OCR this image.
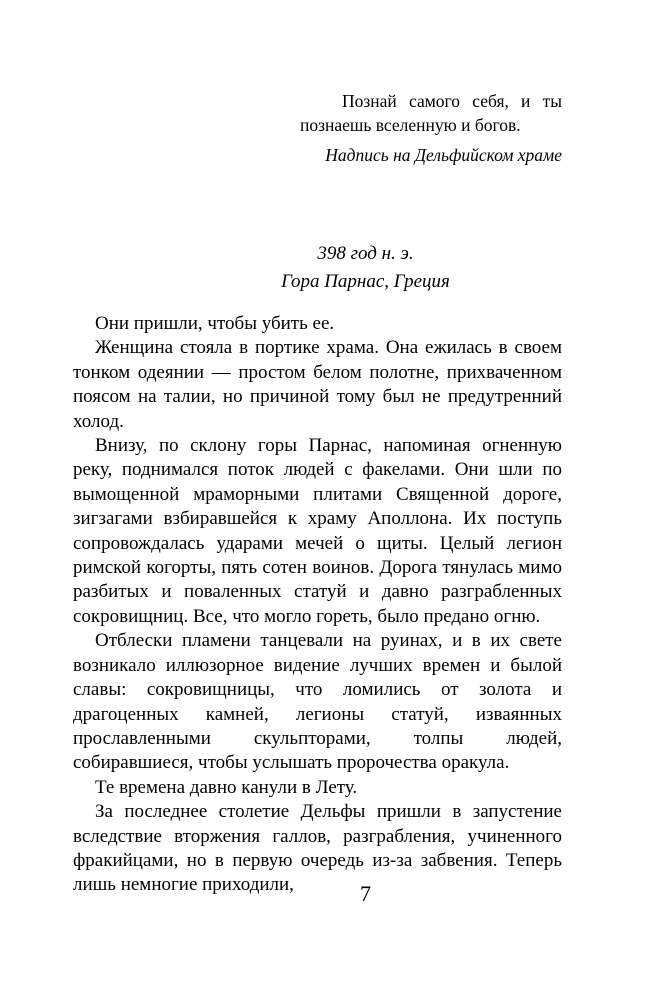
Познай самого себя, и ты
познаешь вселенную и богов.
Надпись на Дельфийском храме
398 год н. э.
Гора Парнас, Греция

Они пришли, чтобы убить ее.

Женщина стояла в портике храма. Она ежилась в своем тонком одеянии — простом белом полотне, прихваченном поясом на талии, но причиной тому был не предутренний холод.

Внизу, по склону горы Парнас, напоминая огненную реку, поднимался поток людей с факелами. Они шли по вымощенной мраморными плитами Священной дороге, зигзагами взбиравшейся к храму Аполлона. Их поступь сопровождалась ударами мечей о щиты. Целый легион римской когорты, пять сотен воинов. Дорога тянулась мимо разбитых и поваленных статуй и давно разграбленных сокровищниц. Все, что могло гореть, было предано огню.

Отблески пламени танцевали на руинах, и в их свете возникало иллюзорное видение лучших времен и былой славы: сокровищницы, что ломились от золота и драгоценных камней, легионы статуй, изваянных прославленными скульпторами, толпы людей, собиравшиеся, чтобы услышать пророчества оракула.

Те времена давно канули в Лету.

За последнее столетие Дельфы пришли в запустение вследствие вторжения галлов, разграбления, учиненного фракийцами, но в первую очередь из-за забвения. Теперь лишь немногие приходили,	7
